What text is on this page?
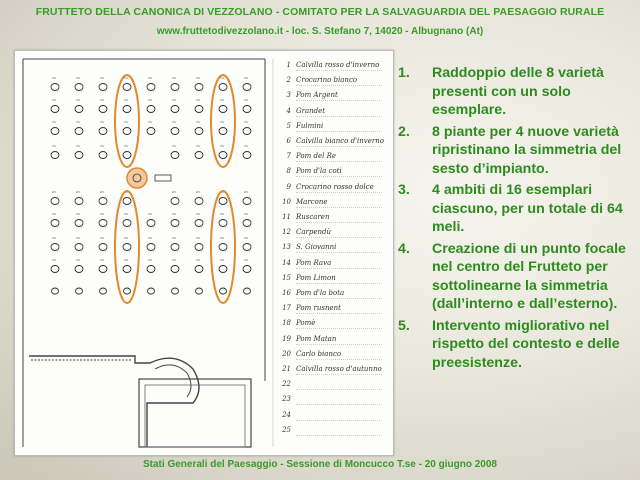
FRUTTETO DELLA CANONICA DI VEZZOLANO - COMITATO PER LA SALVAGUARDIA DEL PAESAGGIO RURALE
www.fruttetodivezzolano.it - loc. S. Stefano 7, 14020 - Albugnano (At)
1 Calvilla rosso d'inverno
2 Crocarino bianco
3 Pom Argent
4 Grandet
5 Fulmini
6 Calvilla bianco d'inverno
7 Pom del Re
8 Pom d'la coti
9 Crocarino rosso dolce
10 Marcone
11 Ruscaren
12 Carpendù
13 S. Giovanni
14 Pom Rava
15 Pom Limon
16 Pom d'la bota
17 Pom rusnent
18 Pomè
19 Pom Matan
20 Carlo bianco
21 Calvilla rosso d'autunno
22
23
24
25
1.	Raddoppio delle 8 varietà presenti con un solo esemplare.
2.	8 piante per 4 nuove varietà ripristinano la simmetria del sesto d’impianto.
3.	4 ambiti di 16 esemplari ciascuno, per un totale di 64 meli.
4.	Creazione di un punto focale nel centro del Frutteto per sottolinearne la simmetria (dall’interno e dall’esterno).
5.	Intervento migliorativo nel rispetto del contesto e delle preesistenze.
Stati Generali del Paesaggio - Sessione di Moncucco T.se - 20 giugno 2008
